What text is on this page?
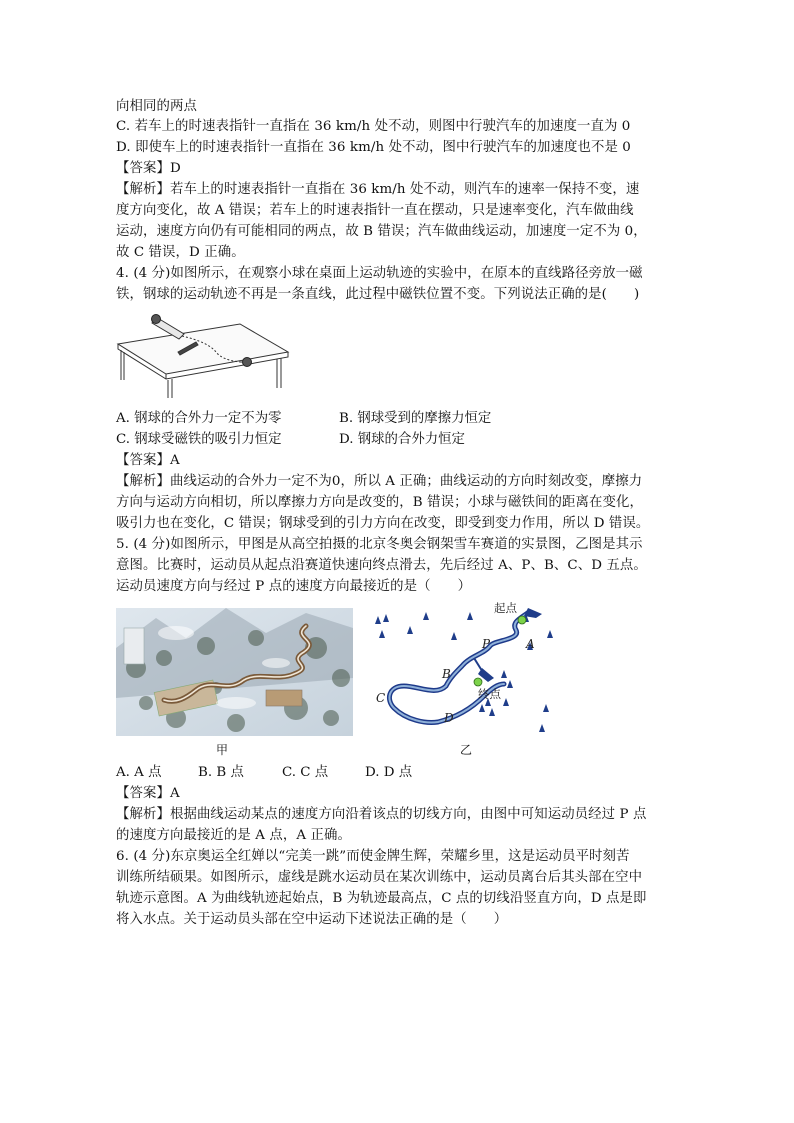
向相同的两点
C. 若车上的时速表指针一直指在 36 km/h 处不动，则图中行驶汽车的加速度一直为 0
D. 即使车上的时速表指针一直指在 36 km/h 处不动，图中行驶汽车的加速度也不是 0
【答案】D
【解析】若车上的时速表指针一直指在 36 km/h 处不动，则汽车的速率一保持不变，速
度方向变化，故 A 错误；若车上的时速表指针一直在摆动，只是速率变化，汽车做曲线
运动，速度方向仍有可能相同的两点，故 B 错误；汽车做曲线运动，加速度一定不为 0，
故 C 错误，D 正确。
4. (4 分)如图所示，在观察小球在桌面上运动轨迹的实验中，在原本的直线路径旁放一磁
铁，钢球的运动轨迹不再是一条直线，此过程中磁铁位置不变。下列说法正确的是(　　)
A. 钢球的合外力一定不为零	B. 钢球受到的摩擦力恒定
C. 钢球受磁铁的吸引力恒定	D. 钢球的合外力恒定
【答案】A
【解析】曲线运动的合外力一定不为0，所以 A 正确；曲线运动的方向时刻改变，摩擦力
方向与运动方向相切，所以摩擦力方向是改变的，B 错误；小球与磁铁间的距离在变化，
吸引力也在变化，C 错误；钢球受到的引力方向在改变，即受到变力作用，所以 D 错误。
5. (4 分)如图所示，甲图是从高空拍摄的北京冬奥会钢架雪车赛道的实景图，乙图是其示
意图。比赛时，运动员从起点沿赛道快速向终点滑去，先后经过 A、P、B、C、D 五点。
运动员速度方向与经过 P 点的速度方向最接近的是（　　）
甲
起点
终点
A
P
B
C
D
乙
A. A 点	B. B 点	C. C 点	D. D 点
【答案】A
【解析】根据曲线运动某点的速度方向沿着该点的切线方向，由图中可知运动员经过 P 点
的速度方向最接近的是 A 点，A 正确。
6. (4 分)东京奥运全红婵以“完美一跳”而使金牌生辉，荣耀乡里，这是运动员平时刻苦
训练所结硕果。如图所示，虚线是跳水运动员在某次训练中，运动员离台后其头部在空中
轨迹示意图。A 为曲线轨迹起始点，B 为轨迹最高点，C 点的切线沿竖直方向，D 点是即
将入水点。关于运动员头部在空中运动下述说法正确的是（　　）
